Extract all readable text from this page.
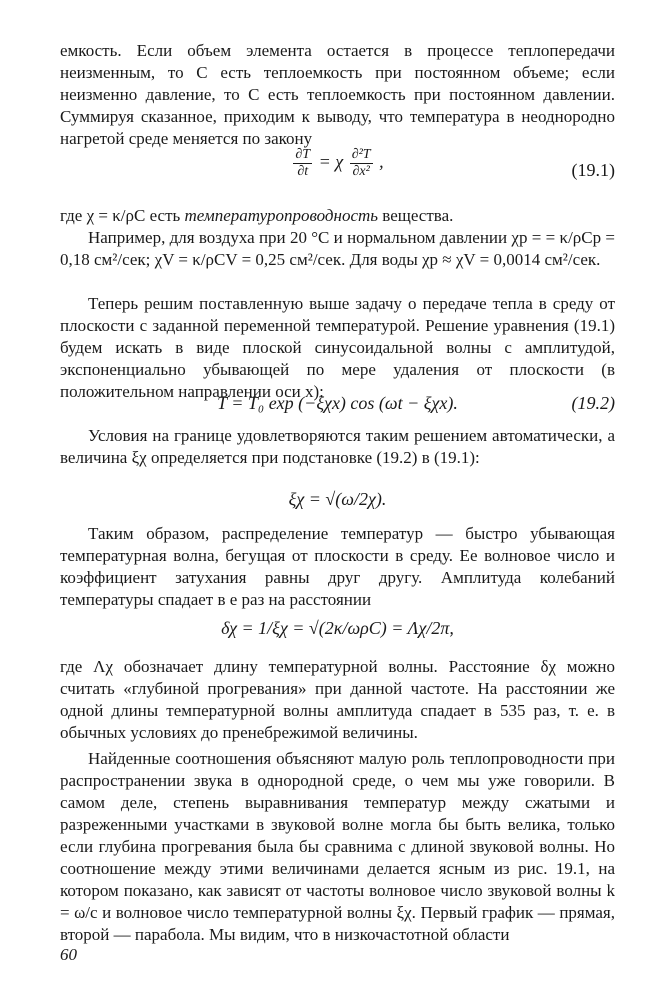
емкость. Если объем элемента остается в процессе теплопередачи неизменным, то C есть теплоемкость при постоянном объеме; если неизменно давление, то C есть теплоемкость при постоянном давлении. Суммируя сказанное, приходим к выводу, что температура в неоднородно нагретой среде меняется по закону

$\frac{\partial T}{\partial t} = \chi \frac{\text{∂²T}}{\text{∂x²}}$ ,	(19.1)

где χ = κ/ρC есть температуропроводность вещества.

Например, для воздуха при 20 °C и нормальном давлении χp = = κ/ρCp = 0,18 см²/сек; χV = κ/ρCV = 0,25 см²/сек. Для воды χp ≈ χV = 0,0014 см²/сек.

Теперь решим поставленную выше задачу о передаче тепла в среду от плоскости с заданной переменной температурой. Решение уравнения (19.1) будем искать в виде плоской синусоидальной волны с амплитудой, экспоненциально убывающей по мере удаления от плоскости (в положительном направлении оси x):

T = T₀ exp (−ξχx) cos (ωt − ξχx).	(19.2)

Условия на границе удовлетворяются таким решением автоматически, а величина ξχ определяется при подстановке (19.2) в (19.1):

ξχ = √(ω/2χ).

Таким образом, распределение температур — быстро убывающая температурная волна, бегущая от плоскости в среду. Ее волновое число и коэффициент затухания равны друг другу. Амплитуда колебаний температуры спадает в e раз на расстоянии

δχ = 1/ξχ = √(2κ/ωρC) = Λχ/2π,

где Λχ обозначает длину температурной волны. Расстояние δχ можно считать «глубиной прогревания» при данной частоте. На расстоянии же одной длины температурной волны амплитуда спадает в 535 раз, т. е. в обычных условиях до пренебрежимой величины.

Найденные соотношения объясняют малую роль теплопроводности при распространении звука в однородной среде, о чем мы уже говорили. В самом деле, степень выравнивания температур между сжатыми и разреженными участками в звуковой волне могла бы быть велика, только если глубина прогревания была бы сравнима с длиной звуковой волны. Но соотношение между этими величинами делается ясным из рис. 19.1, на котором показано, как зависят от частоты волновое число звуковой волны k = ω/c и волновое число температурной волны ξχ. Первый график — прямая, второй — парабола. Мы видим, что в низкочастотной области

60
